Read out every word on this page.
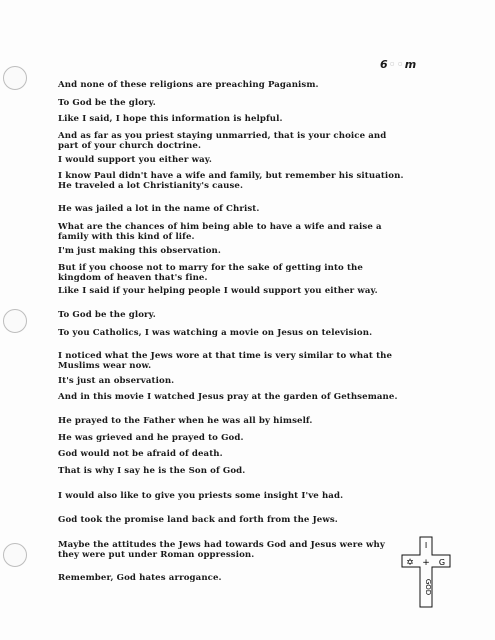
6◦◦m

And none of these religions are preaching Paganism.

To God be the glory.

Like I said, I hope this information is helpful.

And as far as you priest staying unmarried, that is your choice and part of your church doctrine.

I would support you either way.

I know Paul didn't have a wife and family, but remember his situation. He traveled a lot Christianity's cause.

He was jailed a lot in the name of Christ.

What are the chances of him being able to have a wife and raise a family with this kind of life.

I'm just making this observation.

But if you choose not to marry for the sake of getting into the kingdom of heaven that's fine.

Like I said if your helping people I would support you either way.

To God be the glory.

To you Catholics, I was watching a movie on Jesus on television.

I noticed what the Jews wore at that time is very similar to what the Muslims wear now.

It's just an observation.

And in this movie I watched Jesus pray at the garden of Gethsemane.

He prayed to the Father when he was all by himself.

He was grieved and he prayed to God.

God would not be afraid of death.

That is why I say he is the Son of God.

I would also like to give you priests some insight I've had.

God took the promise land back and forth from the Jews.

Maybe the attitudes the Jews had towards God and Jesus were why they were put under Roman oppression.

Remember, God hates arrogance.

I
+ G
✡
GOD
